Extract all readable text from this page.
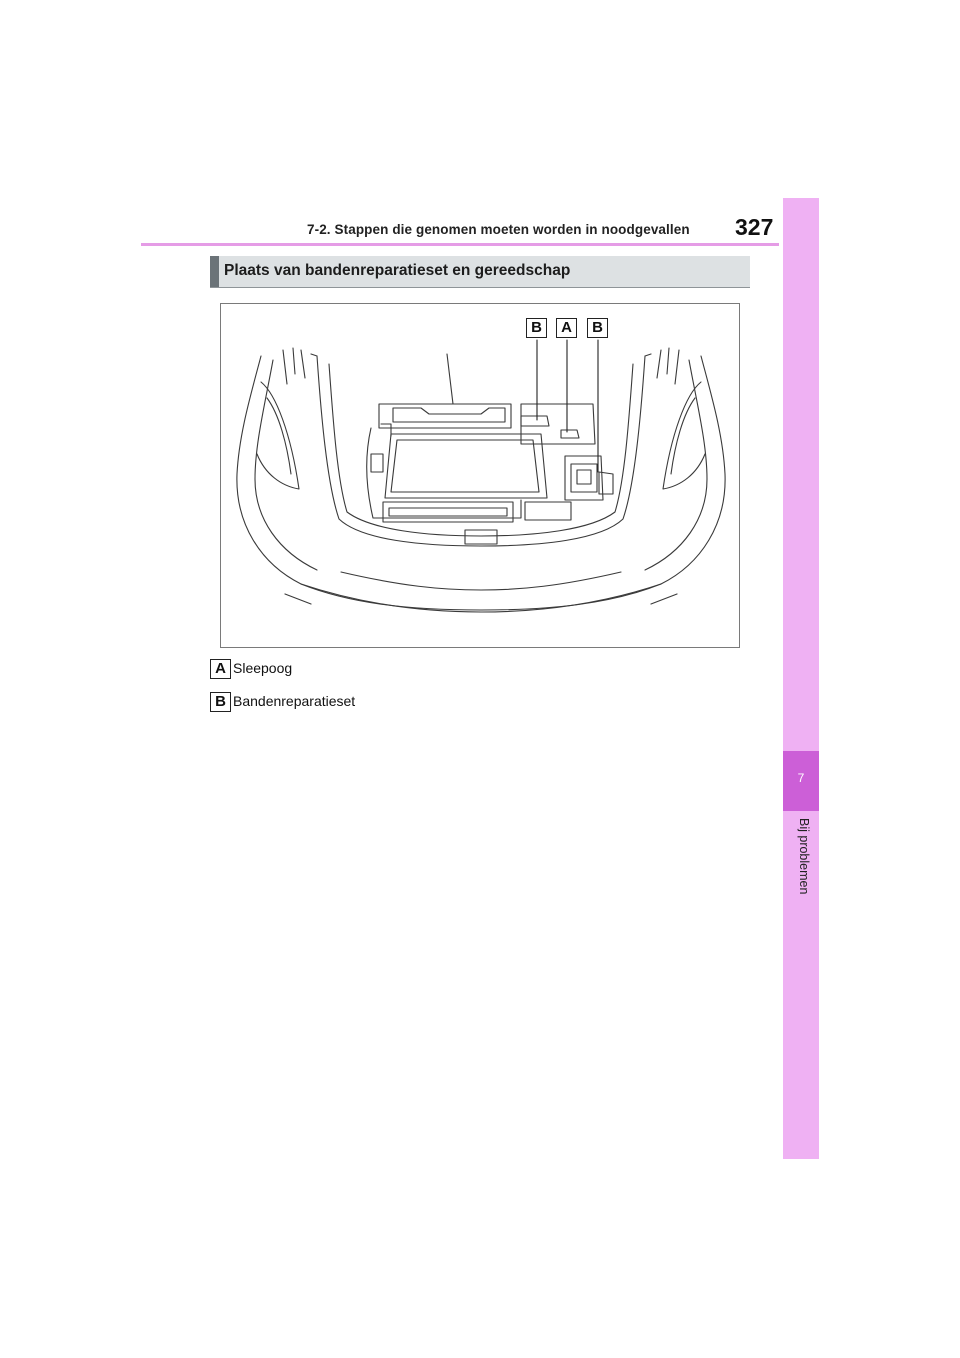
7-2. Stappen die genomen moeten worden in noodgevallen 327
7
Bij problemen
Plaats van bandenreparatieset en gereedschap
B	A	B
A Sleepoog
B Bandenreparatieset
